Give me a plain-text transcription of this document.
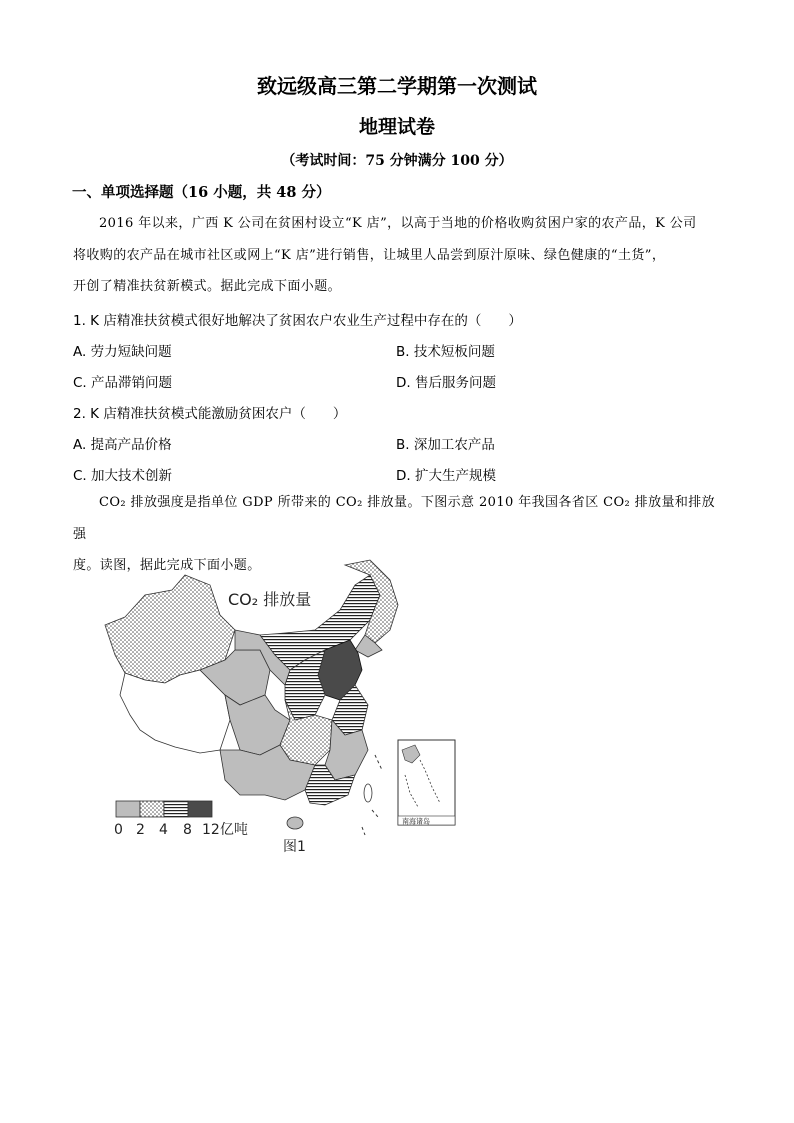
致远级高三第二学期第一次测试
地理试卷
（考试时间：75 分钟满分 100 分）
一、单项选择题（16 小题，共 48 分）

2016 年以来，广西 K 公司在贫困村设立“K 店”，以高于当地的价格收购贫困户家的农产品，K 公司

将收购的农产品在城市社区或网上“K 店”进行销售，让城里人品尝到原汁原味、绿色健康的“土货”，

开创了精准扶贫新模式。据此完成下面小题。

1. K 店精准扶贫模式很好地解决了贫困农户农业生产过程中存在的（　　）
A. 劳力短缺问题	B. 技术短板问题
C. 产品滞销问题	D. 售后服务问题
2. K 店精准扶贫模式能激励贫困农户（　　）
A. 提高产品价格	B. 深加工农产品
C. 加大技术创新	D. 扩大生产规模

CO₂ 排放强度是指单位 GDP 所带来的 CO₂ 排放量。下图示意 2010 年我国各省区 CO₂ 排放量和排放强

度。读图，据此完成下面小题。

CO₂ 排放量
南海诸岛
0 2 4 8 12亿吨
图1
